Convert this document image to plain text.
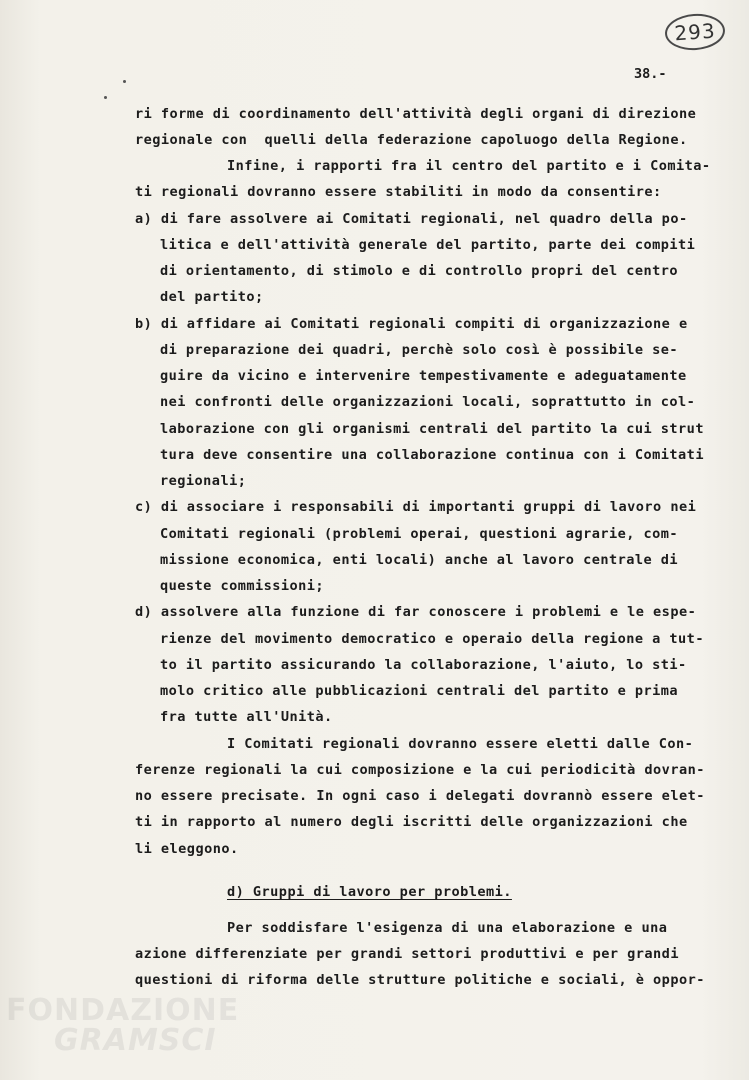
293
38.-
ri forme di coordinamento dell'attività degli organi di direzione
regionale con  quelli della federazione capoluogo della Regione.
Infine, i rapporti fra il centro del partito e i Comita-
ti regionali dovranno essere stabiliti in modo da consentire:
a) di fare assolvere ai Comitati regionali, nel quadro della po-
litica e dell'attività generale del partito, parte dei compiti
di orientamento, di stimolo e di controllo propri del centro
del partito;
b) di affidare ai Comitati regionali compiti di organizzazione e
di preparazione dei quadri, perchè solo così è possibile se-
guire da vicino e intervenire tempestivamente e adeguatamente
nei confronti delle organizzazioni locali, soprattutto in col-
laborazione con gli organismi centrali del partito la cui strut
tura deve consentire una collaborazione continua con i Comitati
regionali;
c) di associare i responsabili di importanti gruppi di lavoro nei
Comitati regionali (problemi operai, questioni agrarie, com-
missione economica, enti locali) anche al lavoro centrale di
queste commissioni;
d) assolvere alla funzione di far conoscere i problemi e le espe-
rienze del movimento democratico e operaio della regione a tut-
to il partito assicurando la collaborazione, l'aiuto, lo sti-
molo critico alle pubblicazioni centrali del partito e prima
fra tutte all'Unità.
I Comitati regionali dovranno essere eletti dalle Con-
ferenze regionali la cui composizione e la cui periodicità dovran-
no essere precisate. In ogni caso i delegati dovrannò essere elet-
ti in rapporto al numero degli iscritti delle organizzazioni che
li eleggono.
d) Gruppi di lavoro per problemi.
Per soddisfare l'esigenza di una elaborazione e una
azione differenziate per grandi settori produttivi e per grandi
questioni di riforma delle strutture politiche e sociali, è oppor-
FONDAZIONE
GRAMSCI
